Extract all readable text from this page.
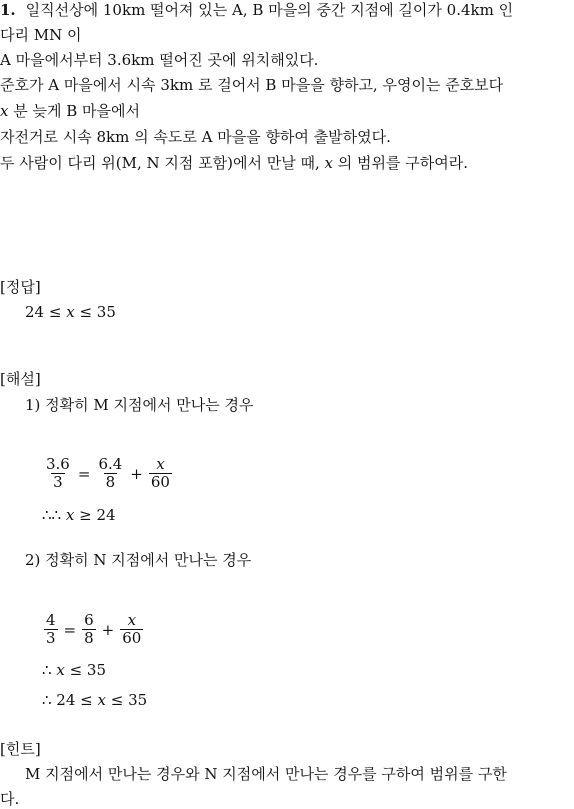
1. 일직선상에 10km 떨어져 있는 A, B 마을의 중간 지점에 길이가 0.4km 인
다리 MN 이
A 마을에서부터 3.6km 떨어진 곳에 위치해있다.
준호가 A 마을에서 시속 3km 로 걸어서 B 마을을 향하고, 우영이는 준호보다
x 분 늦게 B 마을에서
자전거로 시속 8km 의 속도로 A 마을을 향하여 출발하였다.
두 사람이 다리 위(M, N 지점 포함)에서 만날 때, x 의 범위를 구하여라.
[정답]
24 ≤ x ≤ 35
[해설]
1) 정확히 M 지점에서 만나는 경우
$\frac{3.6}{3} = \frac{6.4}{8} + \frac{x}{60}$
∴∴ x ≥ 24
2) 정확히 N 지점에서 만나는 경우
$\frac{4}{3} = \frac{6}{8} + \frac{x}{60}$
∴ x ≤ 35
∴ 24 ≤ x ≤ 35
[힌트]
M 지점에서 만나는 경우와 N 지점에서 만나는 경우를 구하여 범위를 구한
다.
